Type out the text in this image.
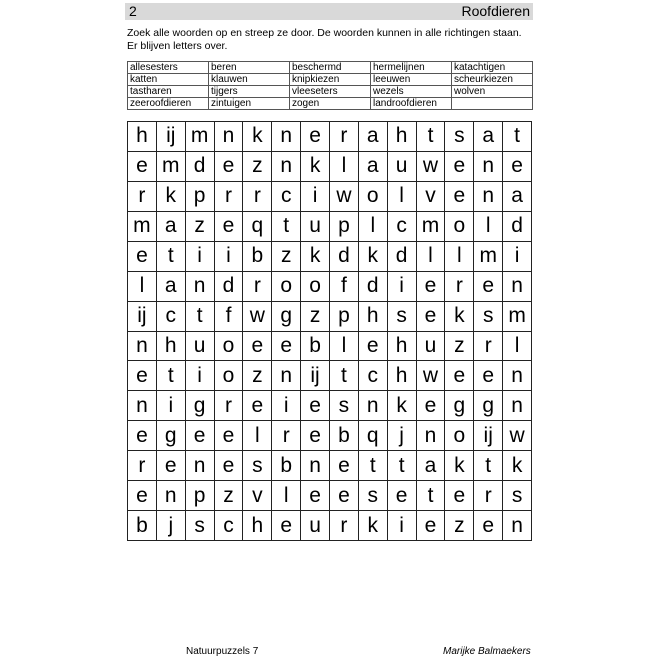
2	Roofdieren
Zoek alle woorden op en streep ze door. De woorden kunnen in alle richtingen staan.
Er blijven letters over.
allesesters	beren	beschermd	hermelijnen	katachtigen
katten	klauwen	knipkiezen	leeuwen	scheurkiezen
tastharen	tijgers	vleeseters	wezels	wolven
zeeroofdieren	zintuigen	zogen	landroofdieren	
h ij m n k n e r a h t s a t
e m d e z n k	l a u w e n e
r k p r	r c	i w o l	v e n a
m a z e q t u p l	c m o l d
e t	i	i b z k d k d l	l m i
l a n d r o o f d i e r e n
ij c t	f w g z p h s e k s m
n h u o e e b l e h u z r	l
e t	i o z n ij	t c h w e e n
n i g r e i e s n k e g g n
e g e e l	r e b q j n o ij w
r e n e s b n e t	t a k t k
e n p z v	l e e s e t e r s
b j	s c h e u r k	i e z e n
Natuurpuzzels 7	Marijke Balmaekers
